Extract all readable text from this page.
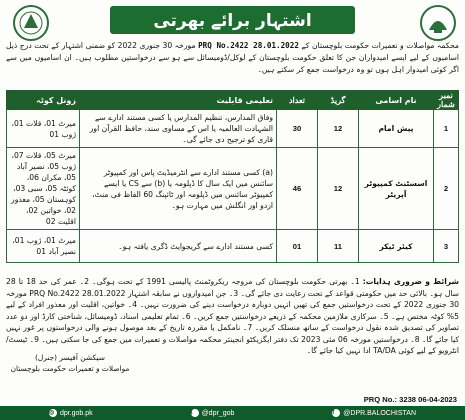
اشتہار برائے بھرتی
محکمہ مواصلات و تعمیرات حکومت بلوچستان کے PRQ No.2422 28.01.2022 مورخہ 30 جنوری 2022 کو ضمنی اشتہار کے تحت درج ذیل اسامیوں کے لیے ایسے امیدواران جن کا تعلق حکومت بلوچستان کے لوکل/ڈومیسائل سے ہو سے درخواستیں مطلوب ہیں۔ ان اسامیوں میں سے اگر کوئی امیدوار اہل ہوں تو وہ درخواست جمع کر سکتے ہیں۔
نمبر شمار	نام اسامی	گریڈ	تعداد	تعلیمی قابلیت	زونل کوٹہ
1	پیش امام	12	30	وفاق المدارس، تنظیم المدارس یا کسی مستند ادارے سے الشہادت العالمیہ یا اس کے مساوی سند، حافظ القرآن اور قاری کو ترجیح دی جائے گی۔	میرٹ 01، قلات 01، ژوب 01
2	اسسٹنٹ کمپیوٹر آپریٹر	12	46	(a) کسی مستند ادارے سے انٹرمیڈیٹ پاس اور کمپیوٹر سائنس میں ایک سال کا ڈپلومہ یا (b) سے CS یا ایسے کمپیوٹر سائنس میں ڈپلومہ اور ٹائپنگ 60 الفاظ فی منٹ، اردو اور انگلش میں مہارت ہو۔	میرٹ 05، قلات 07، ژوب 05، نصیر آباد 05، مکران 06، کوئٹہ 05، سبی 03، کوہستان 05، معذور 02، خواتین 02، اقلیت 02
3	کیئر ٹیکر	11	01	کسی مستند ادارے سے گریجوایٹ ڈگری یافتہ ہو۔	میرٹ 01، ژوب 01، نصیر آباد 01
شرائط و ضروری ہدایات: 1۔ بھرتی حکومت بلوچستان کی مروجہ ریکروٹمنٹ پالیسی 1991 کے تحت ہوگی۔ 2۔ عمر کی حد 18 تا 28 سال ہو۔ بالائی حد میں حکومتی قواعد کے تحت رعایت دی جائے گی۔ 3۔ جن امیدواروں نے سابقہ اشتہار PRQ No.2422 28.01.2022 مورخہ 30 جنوری 2022 کے تحت درخواستیں جمع کی تھیں انہیں دوبارہ درخواست دینے کی ضرورت نہیں۔ 4۔ خواتین، اقلیت اور معذور افراد کے لیے 5% کوٹہ مختص ہے۔ 5۔ سرکاری ملازمین محکمہ کے ذریعے درخواستیں جمع کریں۔ 6۔ تمام تعلیمی اسناد، ڈومیسائل، شناختی کارڈ اور دو عدد تصاویر کی تصدیق شدہ نقول درخواست کے ساتھ منسلک کریں۔ 7۔ نامکمل یا مقررہ تاریخ کے بعد موصول ہونے والی درخواستوں پر غور نہیں کیا جائے گا۔ 8۔ درخواستیں مورخہ 06 مئی 2023 تک دفتر ایگزیکٹو انجینئر محکمہ مواصلات و تعمیرات میں جمع کی جا سکتی ہیں۔ 9۔ ٹیسٹ/انٹرویو کے لیے کوئی TA/DA ادا نہیں کیا جائے گا۔
سیکشن آفیسر (جنرل)
مواصلات و تعمیرات حکومت بلوچستان
PRQ No.: 3238 06-04-2023
◎ dpr.gob.pk	t	@dpr_gob	f	@DPR.BALOCHISTAN
